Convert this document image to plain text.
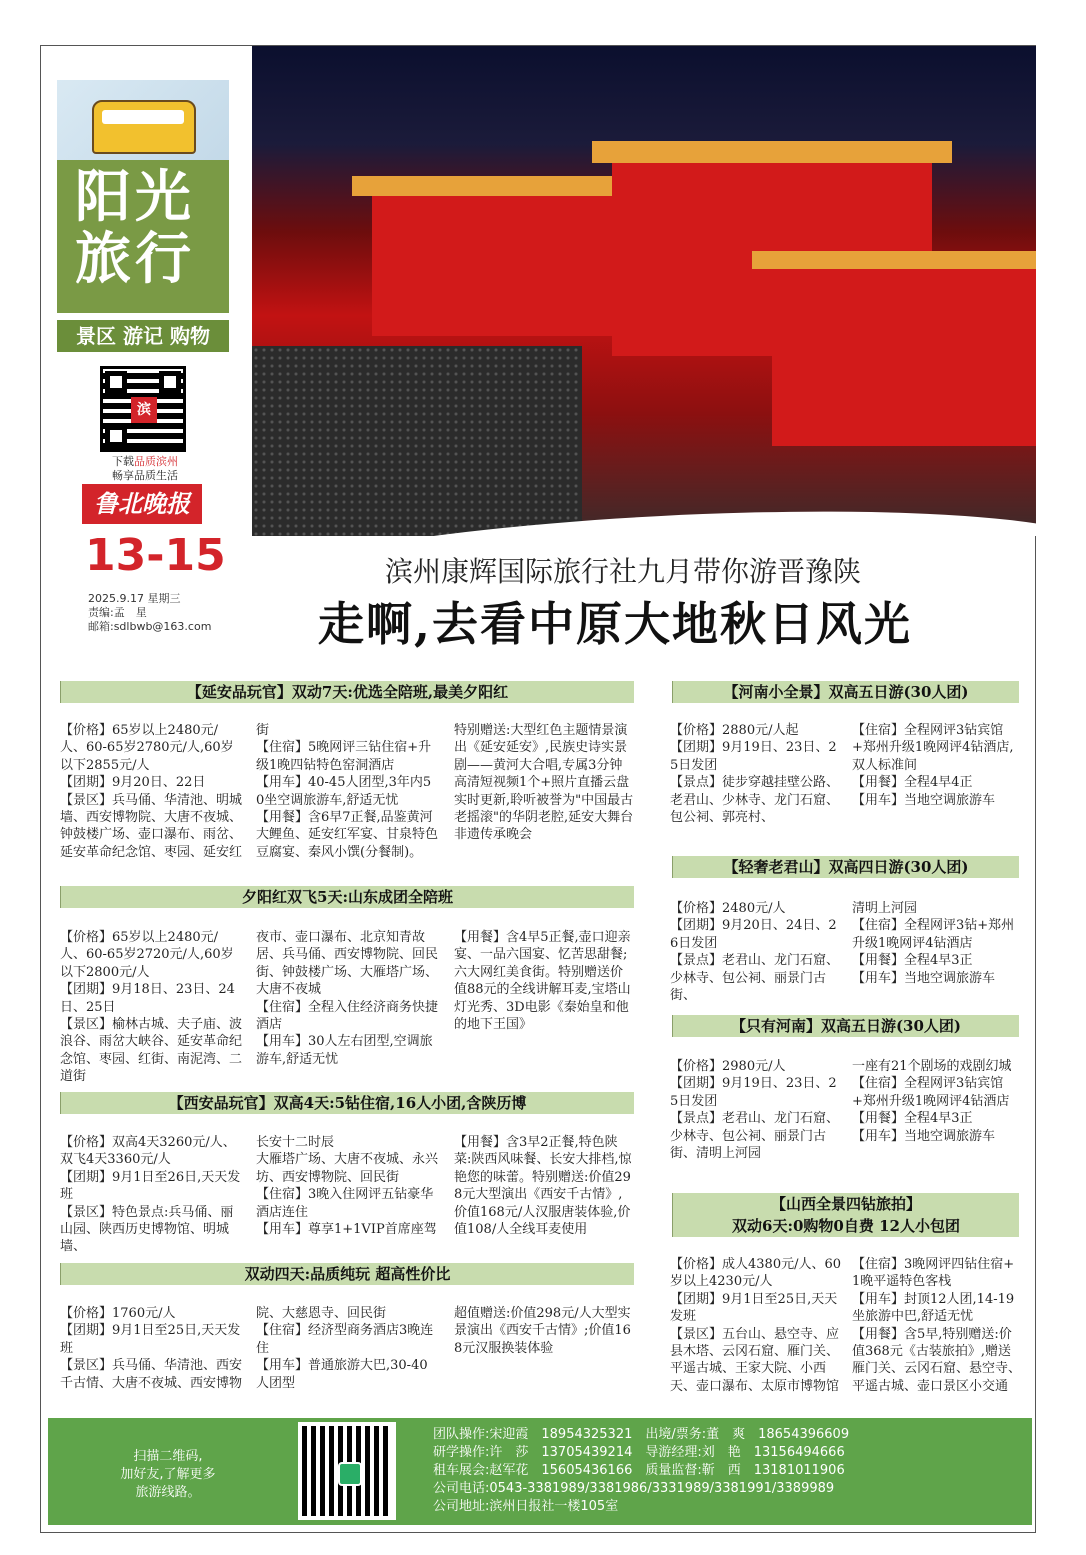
阳光
旅行
景区 游记 购物
滨
下载品质滨州
畅享品质生活
鲁北晚报
13-15
2025.9.17 星期三
责编:孟　星
邮箱:sdlbwb@163.com
滨州康辉国际旅行社九月带你游晋豫陕
走啊,去看中原大地秋日风光
【延安品玩官】双动7天:优选全陪班,最美夕阳红
【价格】65岁以上2480元/人、60-65岁2780元/人,60岁以下2855元/人
【团期】9月20日、22日
【景区】兵马俑、华清池、明城墙、西安博物院、大唐不夜城、钟鼓楼广场、壶口瀑布、雨岔、延安革命纪念馆、枣园、延安红
街
【住宿】5晚网评三钻住宿+升级1晚四钻特色窑洞酒店
【用车】40-45人团型,3年内50坐空调旅游车,舒适无忧
【用餐】含6早7正餐,品鉴黄河大鲤鱼、延安红军宴、甘泉特色豆腐宴、秦风小馔(分餐制)。
特别赠送:大型红色主题情景演出《延安延安》,民族史诗实景剧——黄河大合唱,专属3分钟高清短视频1个+照片直播云盘实时更新,聆听被誉为"中国最古老摇滚"的华阴老腔,延安大舞台 非遗传承晚会
夕阳红双飞5天:山东成团全陪班
【价格】65岁以上2480元/人、60-65岁2720元/人,60岁以下2800元/人
【团期】9月18日、23日、24日、25日
【景区】榆林古城、夫子庙、波浪谷、雨岔大峡谷、延安革命纪念馆、枣园、红街、南泥湾、二道街
夜市、壶口瀑布、北京知青故居、兵马俑、西安博物院、回民街、钟鼓楼广场、大雁塔广场、大唐不夜城
【住宿】全程入住经济商务快捷酒店
【用车】30人左右团型,空调旅游车,舒适无忧
【用餐】含4早5正餐,壶口迎亲宴、一品六国宴、忆苦思甜餐;六大网红美食街。特别赠送价值88元的全线讲解耳麦,宝塔山灯光秀、3D电影《秦始皇和他的地下王国》
【西安品玩官】双高4天:5钻住宿,16人小团,含陕历博
【价格】双高4天3260元/人、双飞4天3360元/人
【团期】9月1日至26日,天天发班
【景区】特色景点:兵马俑、丽山园、陕西历史博物馆、明城墙、
长安十二时辰
大雁塔广场、大唐不夜城、永兴坊、西安博物院、回民街
【住宿】3晚入住网评五钻豪华酒店连住
【用车】尊享1+1VIP首席座驾
【用餐】含3早2正餐,特色陕菜:陕西风味餐、长安大排档,惊艳您的味蕾。特别赠送:价值298元大型演出《西安千古情》,价值168元/人汉服唐装体验,价值108/人全线耳麦使用
双动四天:品质纯玩 超高性价比
【价格】1760元/人
【团期】9月1日至25日,天天发班
【景区】兵马俑、华清池、西安千古情、大唐不夜城、西安博物
院、大慈恩寺、回民街
【住宿】经济型商务酒店3晚连住
【用车】普通旅游大巴,30-40人团型
超值赠送:价值298元/人大型实景演出《西安千古情》;价值168元汉服换装体验
【河南小全景】双高五日游(30人团)
【价格】2880元/人起
【团期】9月19日、23日、25日发团
【景点】徒步穿越挂壁公路、老君山、少林寺、龙门石窟、包公祠、郭亮村、
【住宿】全程网评3钻宾馆+郑州升级1晚网评4钻酒店,双人标准间
【用餐】全程4早4正
【用车】当地空调旅游车
【轻奢老君山】双高四日游(30人团)
【价格】2480元/人
【团期】9月20日、24日、26日发团
【景点】老君山、龙门石窟、少林寺、包公祠、丽景门古街、
清明上河园
【住宿】全程网评3钻+郑州升级1晚网评4钻酒店
【用餐】全程4早3正
【用车】当地空调旅游车
【只有河南】双高五日游(30人团)
【价格】2980元/人
【团期】9月19日、23日、25日发团
【景点】老君山、龙门石窟、少林寺、包公祠、丽景门古街、清明上河园
一座有21个剧场的戏剧幻城
【住宿】全程网评3钻宾馆+郑州升级1晚网评4钻酒店
【用餐】全程4早3正
【用车】当地空调旅游车
【山西全景四钻旅拍】
双动6天:0购物0自费 12人小包团
【价格】成人4380元/人、60岁以上4230元/人
【团期】9月1日至25日,天天发班
【景区】五台山、悬空寺、应县木塔、云冈石窟、雁门关、平遥古城、王家大院、小西天、壶口瀑布、太原市博物馆
【住宿】3晚网评四钻住宿+1晚平遥特色客栈
【用车】封顶12人团,14-19坐旅游中巴,舒适无忧
【用餐】含5早,特别赠送:价值368元《古装旅拍》,赠送雁门关、云冈石窟、悬空寺、平遥古城、壶口景区小交通
扫描二维码,
加好友,了解更多
旅游线路。
团队操作:宋迎霞　18954325321　出境/票务:董　爽　18654396609
研学操作:许　莎　13705439214　导游经理:刘　艳　13156494666
租车展会:赵军花　15605436166　质量监督:靳　西　13181011906
公司电话:0543-3381989/3381986/3331989/3381991/3389989
公司地址:滨州日报社一楼105室
